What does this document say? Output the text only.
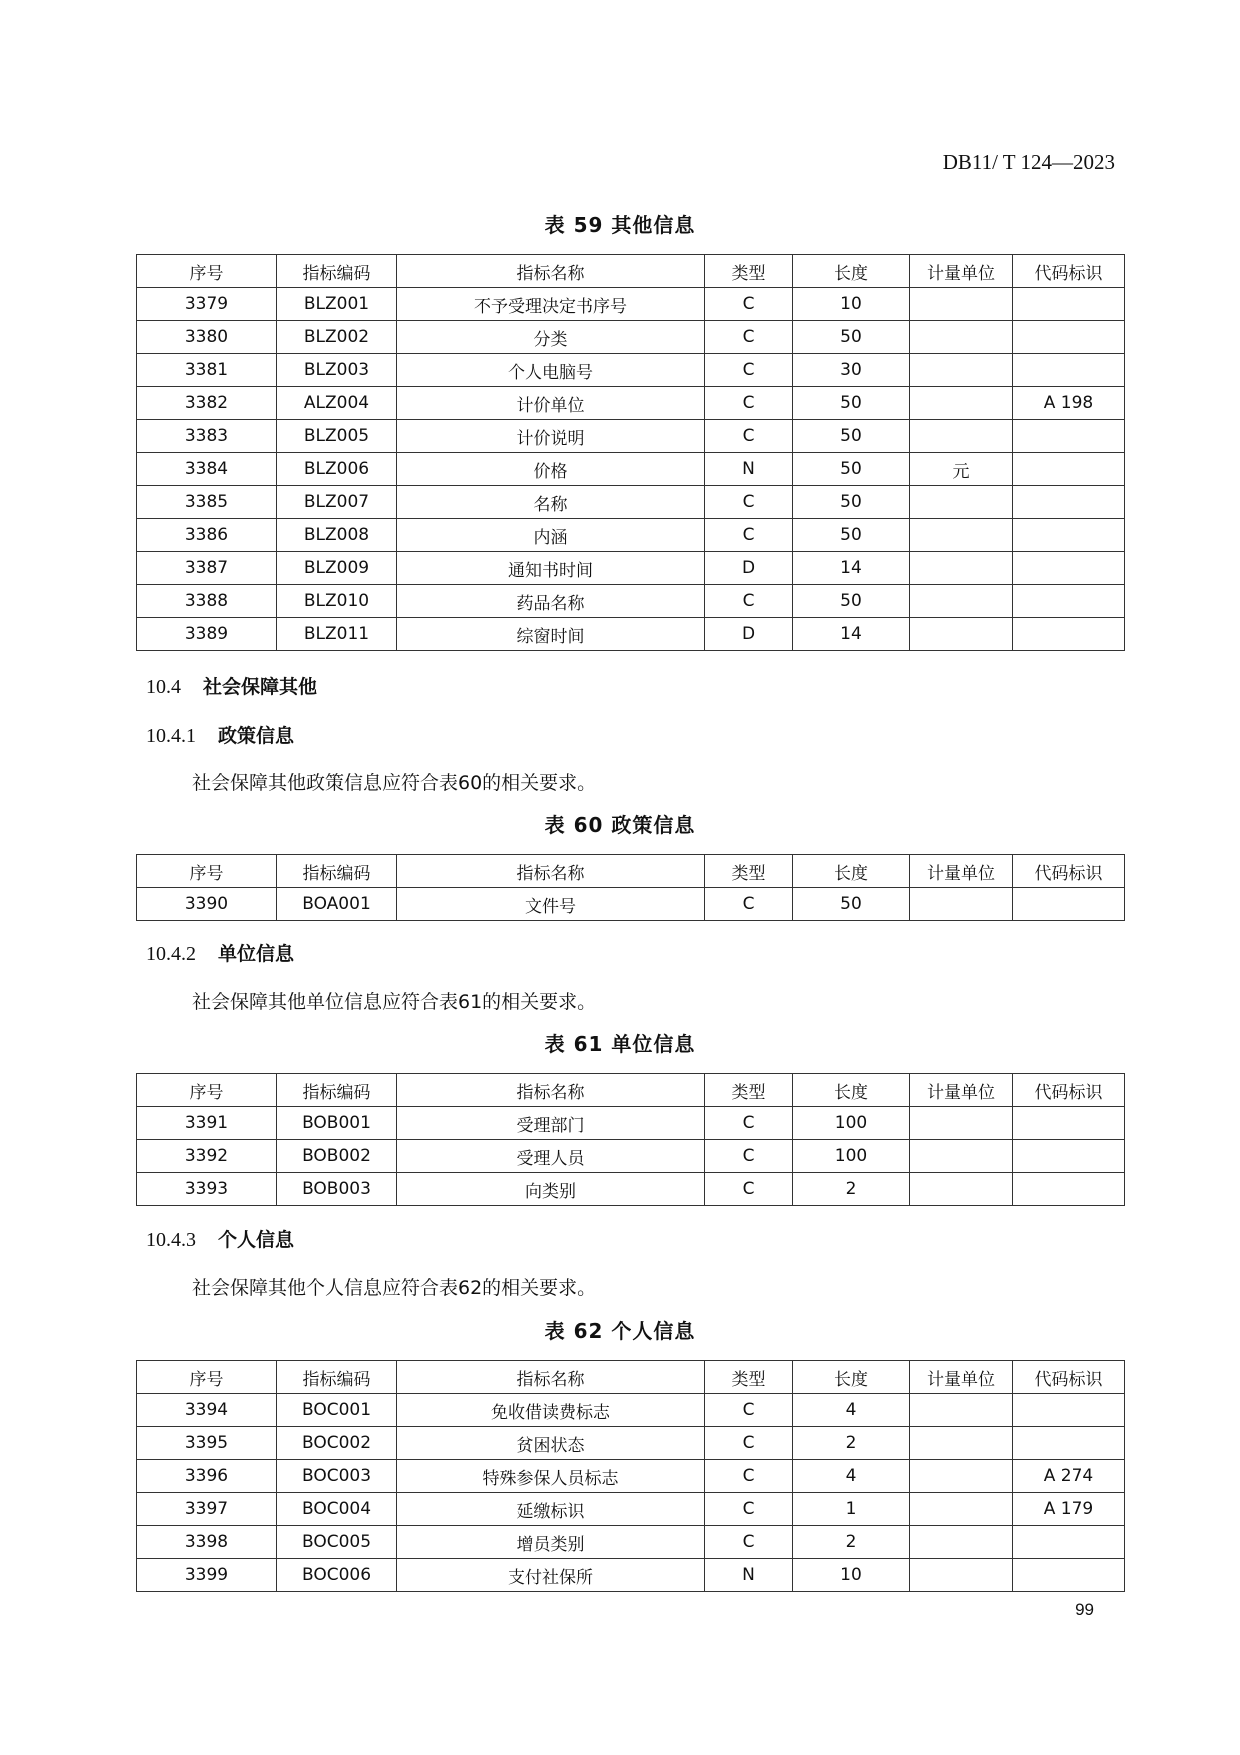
DB11/ T 124—2023
表 59 其他信息
序号	指标编码	指标名称	类型	长度	计量单位	代码标识
3379	BLZ001	不予受理决定书序号	C	10		
3380	BLZ002	分类	C	50		
3381	BLZ003	个人电脑号	C	30		
3382	ALZ004	计价单位	C	50		A 198
3383	BLZ005	计价说明	C	50		
3384	BLZ006	价格	N	50	元	
3385	BLZ007	名称	C	50		
3386	BLZ008	内涵	C	50		
3387	BLZ009	通知书时间	D	14		
3388	BLZ010	药品名称	C	50		
3389	BLZ011	综窗时间	D	14		
10.4 社会保障其他
10.4.1 政策信息
社会保障其他政策信息应符合表60的相关要求。
表 60 政策信息
序号	指标编码	指标名称	类型	长度	计量单位	代码标识
3390	BOA001	文件号	C	50		
10.4.2 单位信息
社会保障其他单位信息应符合表61的相关要求。
表 61 单位信息
序号	指标编码	指标名称	类型	长度	计量单位	代码标识
3391	BOB001	受理部门	C	100		
3392	BOB002	受理人员	C	100		
3393	BOB003	向类别	C	2		
10.4.3 个人信息
社会保障其他个人信息应符合表62的相关要求。
表 62 个人信息
序号	指标编码	指标名称	类型	长度	计量单位	代码标识
3394	BOC001	免收借读费标志	C	4		
3395	BOC002	贫困状态	C	2		
3396	BOC003	特殊参保人员标志	C	4		A 274
3397	BOC004	延缴标识	C	1		A 179
3398	BOC005	增员类别	C	2		
3399	BOC006	支付社保所	N	10		
99
